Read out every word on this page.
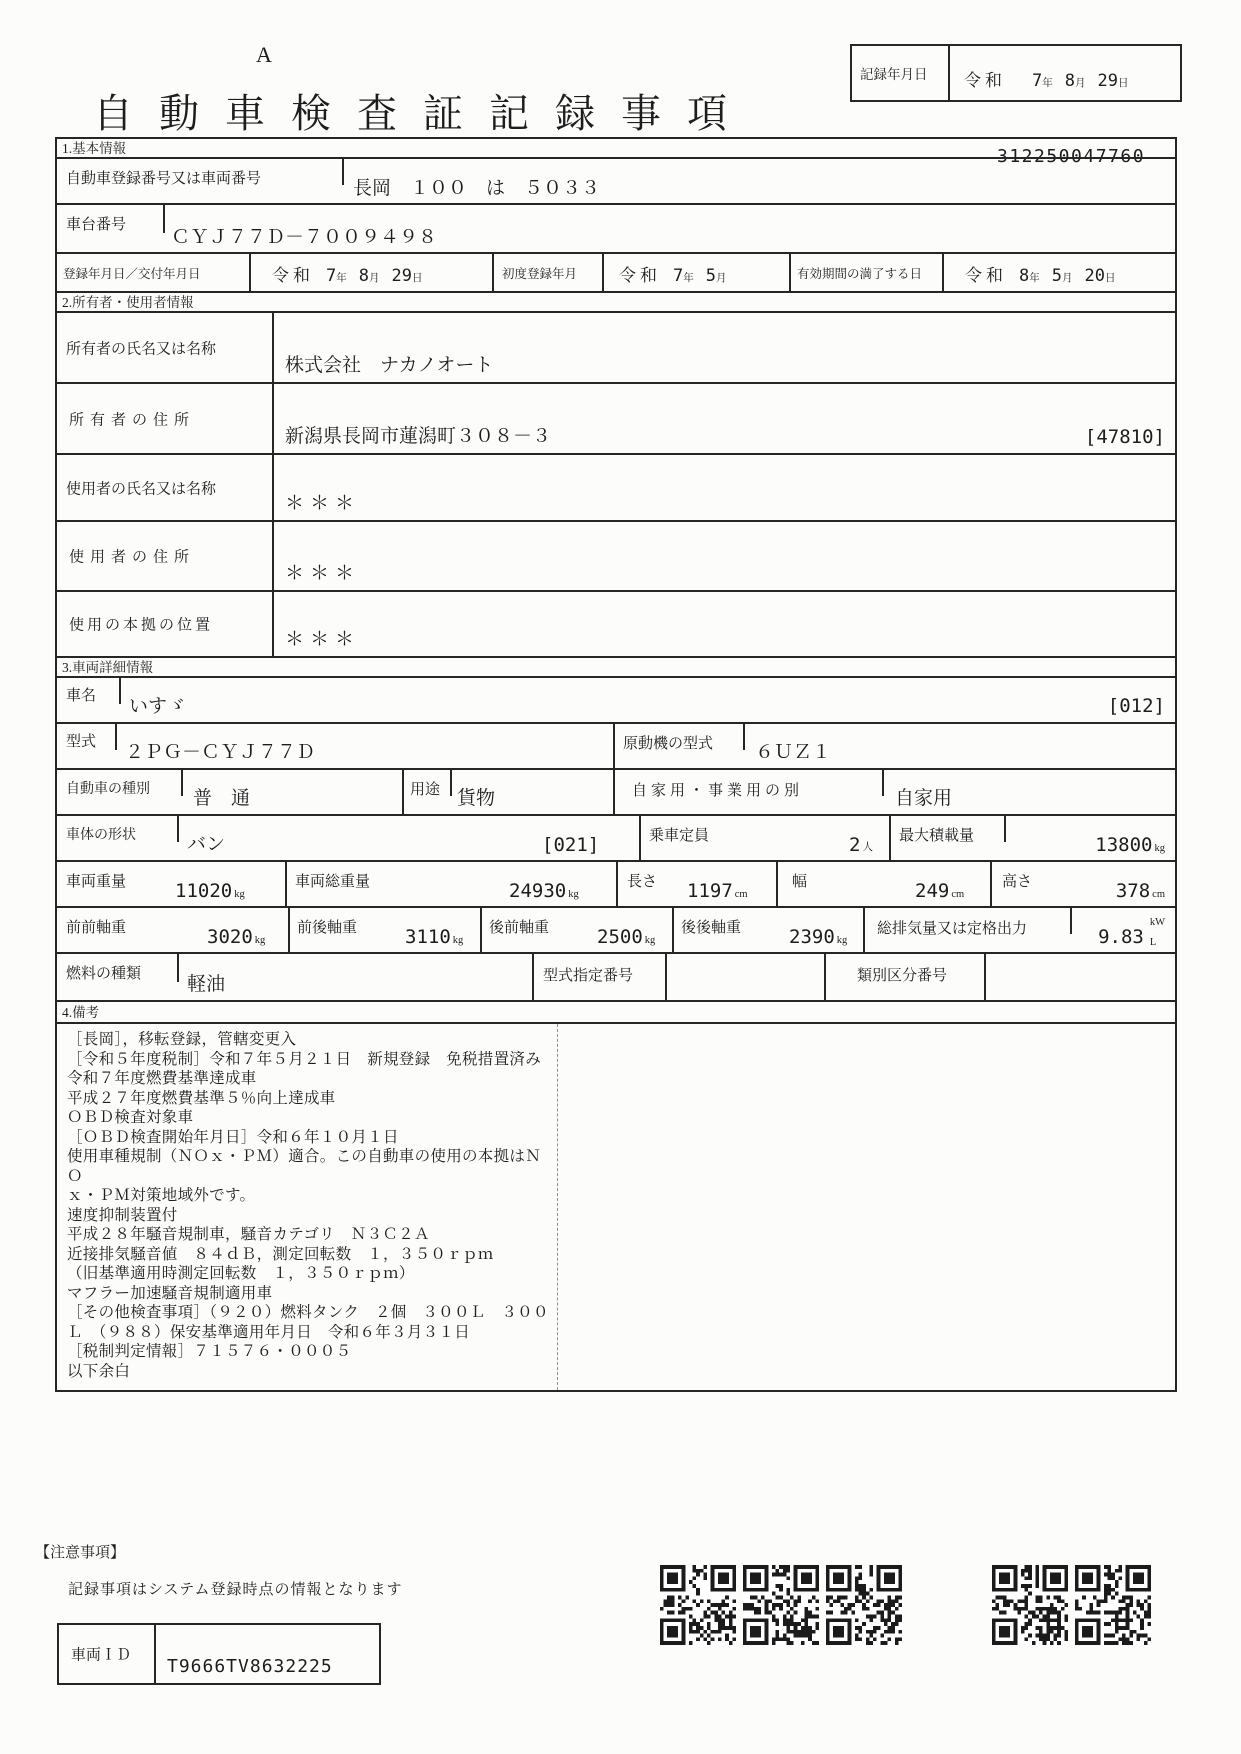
A
自動車検査証記録事項
312250047760
記録年月日 令和 7 年 8 月 29 日
1.基本情報
自動車登録番号又は車両番号	長岡　１００　は　５０３３
車台番号
ＣＹＪ７７Ｄ－７００９４９８
登録年月日／交付年月日	令和 7 年 8 月 29 日	初度登録年月 令和 7 年 5 月	有効期間の満了する日	令和 8 年 5 月 20 日
2.所有者・使用者情報
所有者の氏名又は名称
株式会社　ナカノオート
所有者の住所
新潟県長岡市蓮潟町３０８－３	[47810]
使用者の氏名又は名称
＊＊＊
使用者の住所
＊＊＊
使用の本拠の位置
＊＊＊
3.車両詳細情報
車名 いすゞ	[012]
型式 ２ＰＧ－ＣＹＪ７７Ｄ	原動機の型式 ６ＵＺ１
自動車の種別 普　通	用途 貨物	自家用・事業用の別	自家用
車体の形状	バン	[021]	乗車定員	2 人
最大積載量	13800 kg
車両重量	11020 kg
車両総重量	24930 kg
長さ 1197 cm
幅	249 cm
高さ	378 cm
前前軸重	3020 kg
前後軸重	3110 kg
後前軸重	2500 kg
後後軸重	2390 kg
総排気量又は定格出力	9.83
kW
L
燃料の種類 軽油	型式指定番号	類別区分番号
4.備考
［長岡］，移転登録，管轄変更入
［令和５年度税制］令和７年５月２１日　新規登録　免税措置済み
令和７年度燃費基準達成車
平成２７年度燃費基準５％向上達成車
ＯＢＤ検査対象車
［ＯＢＤ検査開始年月日］令和６年１０月１日
使用車種規制（ＮＯｘ・ＰＭ）適合。この自動車の使用の本拠はＮＯ
ｘ・ＰＭ対策地域外です。
速度抑制装置付
平成２８年騒音規制車，騒音カテゴリ　Ｎ３Ｃ２Ａ
近接排気騒音値　８４ｄＢ，測定回転数　１，３５０ｒｐｍ
（旧基準適用時測定回転数　１，３５０ｒｐｍ）
マフラー加速騒音規制適用車
［その他検査事項］（９２０）燃料タンク　２個　３００Ｌ　３００
Ｌ　（９８８）保安基準適用年月日　令和６年３月３１日
［税制判定情報］７１５７６・０００５
以下余白
【注意事項】
記録事項はシステム登録時点の情報となります
車両ＩＤ
T9666TV8632225
